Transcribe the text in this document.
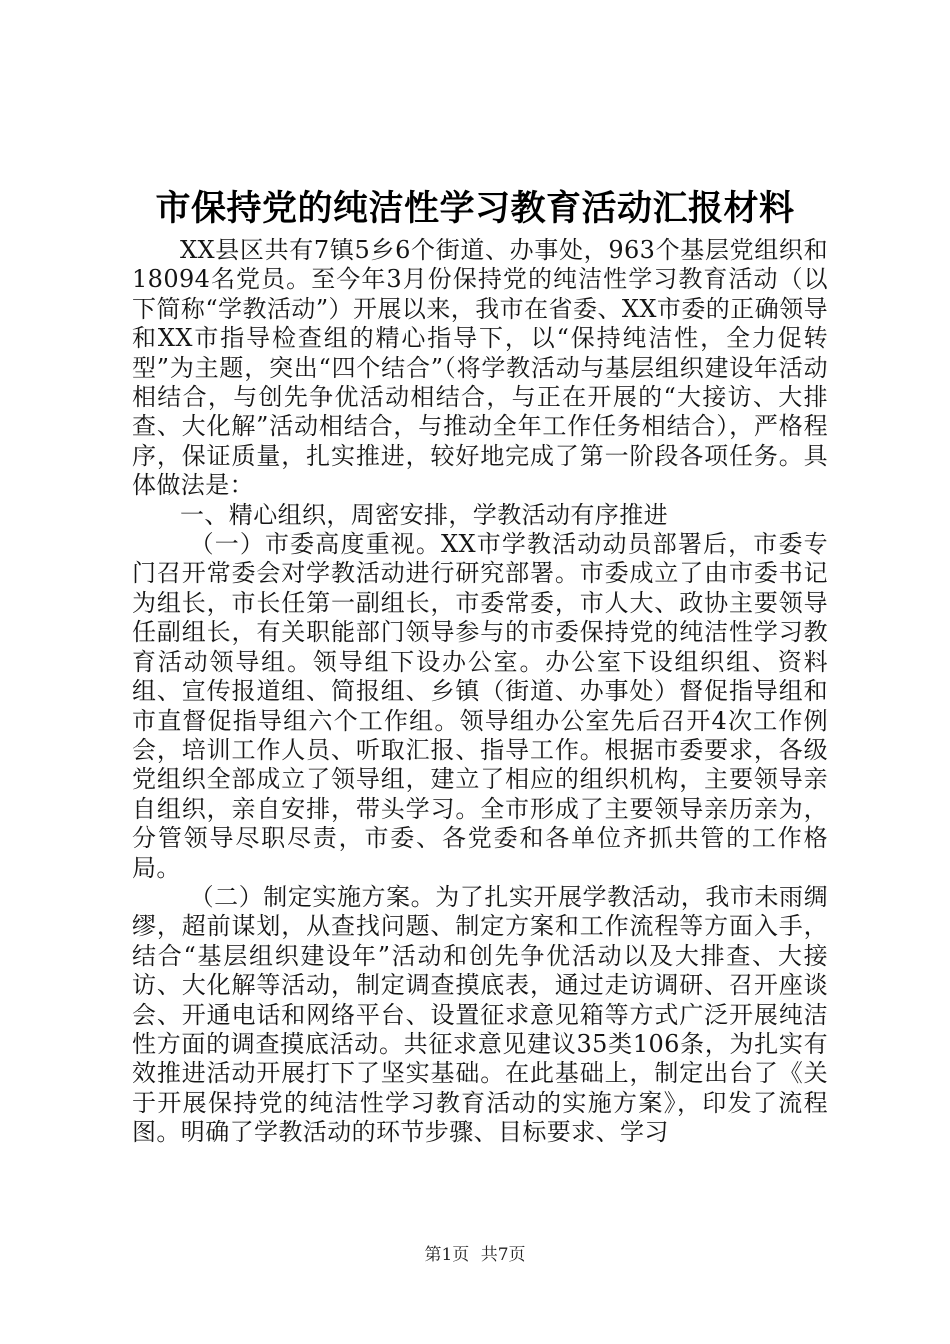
市保持党的纯洁性学习教育活动汇报材料

XX县区共有7镇5乡6个街道、办事处，963个基层党组织和18094名党员。至今年3月份保持党的纯洁性学习教育活动（以下简称“学教活动”）开展以来，我市在省委、XX市委的正确领导和XX市指导检查组的精心指导下，以“保持纯洁性，全力促转型”为主题，突出“四个结合”（将学教活动与基层组织建设年活动相结合，与创先争优活动相结合，与正在开展的“大接访、大排查、大化解”活动相结合，与推动全年工作任务相结合），严格程序，保证质量，扎实推进，较好地完成了第一阶段各项任务。具体做法是：

一、精心组织，周密安排，学教活动有序推进

（一）市委高度重视。XX市学教活动动员部署后，市委专门召开常委会对学教活动进行研究部署。市委成立了由市委书记为组长，市长任第一副组长，市委常委，市人大、政协主要领导任副组长，有关职能部门领导参与的市委保持党的纯洁性学习教育活动领导组。领导组下设办公室。办公室下设组织组、资料组、宣传报道组、简报组、乡镇（街道、办事处）督促指导组和市直督促指导组六个工作组。领导组办公室先后召开4次工作例会，培训工作人员、听取汇报、指导工作。根据市委要求，各级党组织全部成立了领导组，建立了相应的组织机构，主要领导亲自组织，亲自安排，带头学习。全市形成了主要领导亲历亲为，分管领导尽职尽责，市委、各党委和各单位齐抓共管的工作格局。

（二）制定实施方案。为了扎实开展学教活动，我市未雨绸缪，超前谋划，从查找问题、制定方案和工作流程等方面入手，结合“基层组织建设年”活动和创先争优活动以及大排查、大接访、大化解等活动，制定调查摸底表，通过走访调研、召开座谈会、开通电话和网络平台、设置征求意见箱等方式广泛开展纯洁性方面的调查摸底活动。共征求意见建议35类106条，为扎实有效推进活动开展打下了坚实基础。在此基础上，制定出台了《关于开展保持党的纯洁性学习教育活动的实施方案》，印发了流程图。明确了学教活动的环节步骤、目标要求、学习

第1页 共7页
